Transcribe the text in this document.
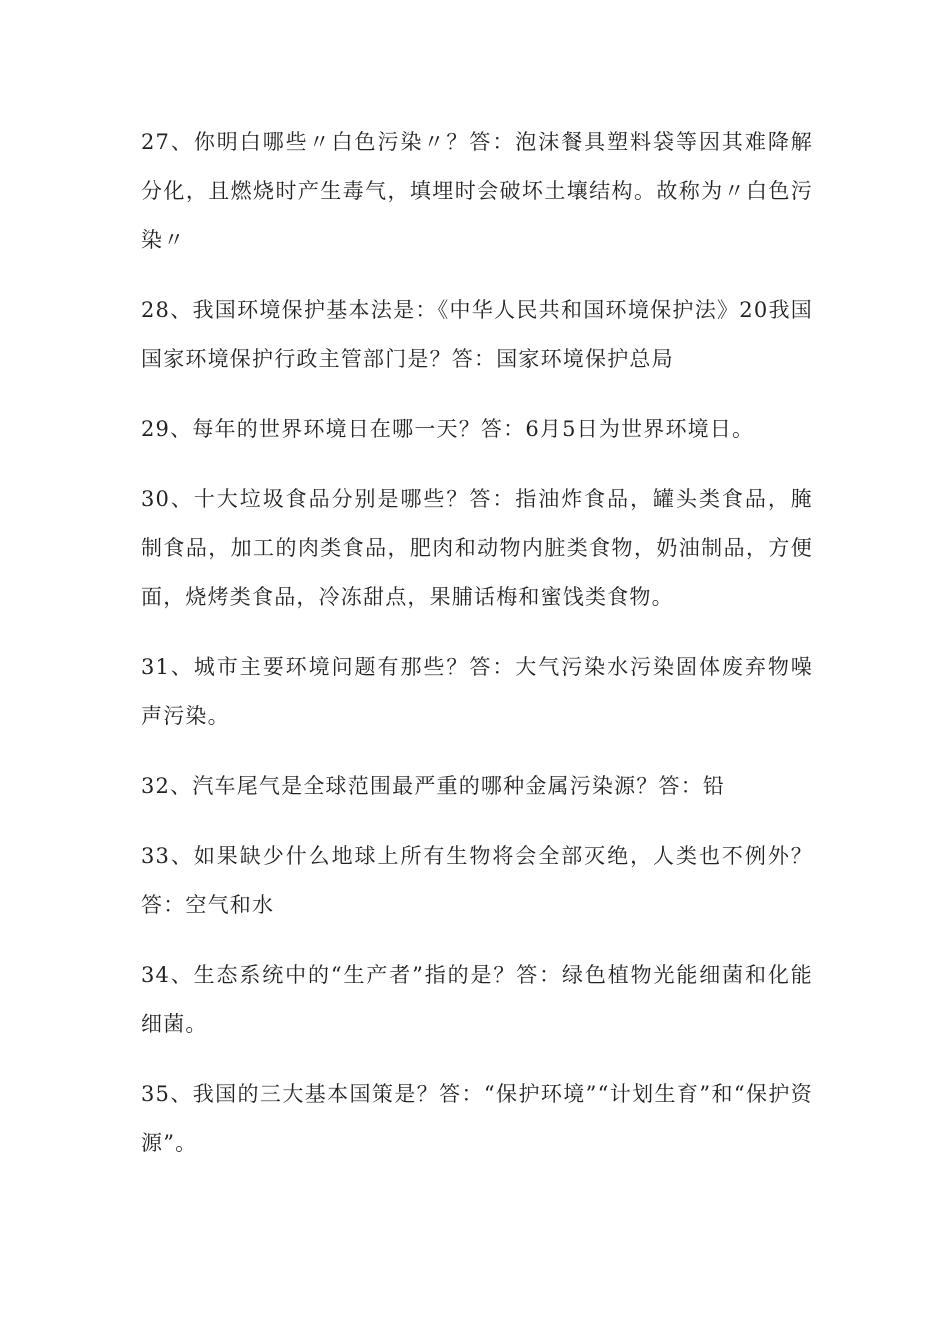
27、你明白哪些〃白色污染〃？答：泡沫餐具塑料袋等因其难降解分化，且燃烧时产生毒气，填埋时会破坏土壤结构。故称为〃白色污染〃

28、我国环境保护基本法是：《中华人民共和国环境保护法》20我国国家环境保护行政主管部门是？答：国家环境保护总局

29、每年的世界环境日在哪一天？答：6月5日为世界环境日。

30、十大垃圾食品分别是哪些？答：指油炸食品，罐头类食品，腌制食品，加工的肉类食品，肥肉和动物内脏类食物，奶油制品，方便面，烧烤类食品，冷冻甜点，果脯话梅和蜜饯类食物。

31、城市主要环境问题有那些？答：大气污染水污染固体废弃物噪声污染。

32、汽车尾气是全球范围最严重的哪种金属污染源？答：铅

33、如果缺少什么地球上所有生物将会全部灭绝，人类也不例外？答：空气和水

34、生态系统中的“生产者”指的是？答：绿色植物光能细菌和化能细菌。

35、我国的三大基本国策是？答：“保护环境”“计划生育”和“保护资源”。
